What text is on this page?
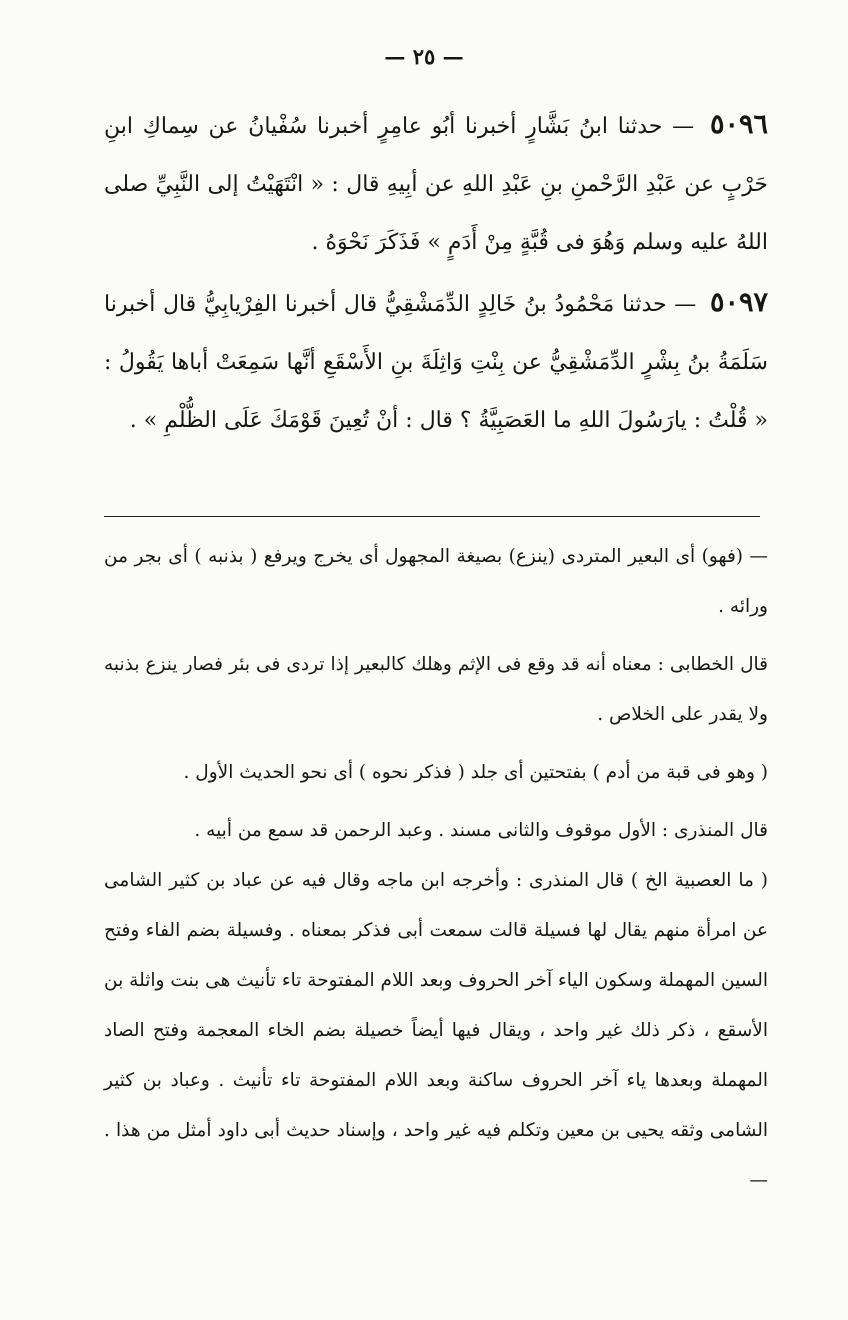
— ٢٥ —

٥٠٩٦ — حدثنا ابنُ بَشَّارٍ أخبرنا أبُو عامِرٍ أخبرنا سُفْيانُ عن سِماكِ ابنِ حَرْبٍ عن عَبْدِ الرَّحْمنِ بنِ عَبْدِ اللهِ عن أبِيهِ قال : « انْتَهَيْتُ إلى النَّبِيِّ صلى اللهُ عليه وسلم وَهُوَ فى قُبَّةٍ مِنْ أَدَمٍ » فَذَكَرَ نَحْوَهُ .

٥٠٩٧ — حدثنا مَحْمُودُ بنُ خَالِدٍ الدِّمَشْقِيُّ قال أخبرنا الفِرْيابِيُّ قال أخبرنا سَلَمَةُ بنُ بِشْرٍ الدِّمَشْقِيُّ عن بِنْتِ وَاثِلَةَ بنِ الأَسْقَعِ أنَّها سَمِعَتْ أباها يَقُولُ : « قُلْتُ : يارَسُولَ اللهِ ما العَصَبِيَّةُ ؟ قال : أنْ تُعِينَ قَوْمَكَ عَلَى الظُّلْمِ » .

— (فهو) أى البعير المتردى (ينزع) بصيغة المجهول أى يخرج ويرفع ( بذنبه ) أى بجر من ورائه .

قال الخطابى : معناه أنه قد وقع فى الإثم وهلك كالبعير إذا تردى فى بئر فصار ينزع بذنبه ولا يقدر على الخلاص .

( وهو فى قبة من أدم ) بفتحتين أى جلد ( فذكر نحوه ) أى نحو الحديث الأول .

قال المنذرى : الأول موقوف والثانى مسند . وعبد الرحمن قد سمع من أبيه .

( ما العصبية الخ ) قال المنذرى : وأخرجه ابن ماجه وقال فيه عن عباد بن كثير الشامى عن امرأة منهم يقال لها فسيلة قالت سمعت أبى فذكر بمعناه . وفسيلة بضم الفاء وفتح السين المهملة وسكون الياء آخر الحروف وبعد اللام المفتوحة تاء تأنيث هى بنت واثلة بن الأسقع ، ذكر ذلك غير واحد ، ويقال فيها أيضاً خصيلة بضم الخاء المعجمة وفتح الصاد المهملة وبعدها ياء آخر الحروف ساكنة وبعد اللام المفتوحة تاء تأنيث . وعباد بن كثير الشامى وثقه يحيى بن معين وتكلم فيه غير واحد ، وإسناد حديث أبى داود أمثل من هذا . —
